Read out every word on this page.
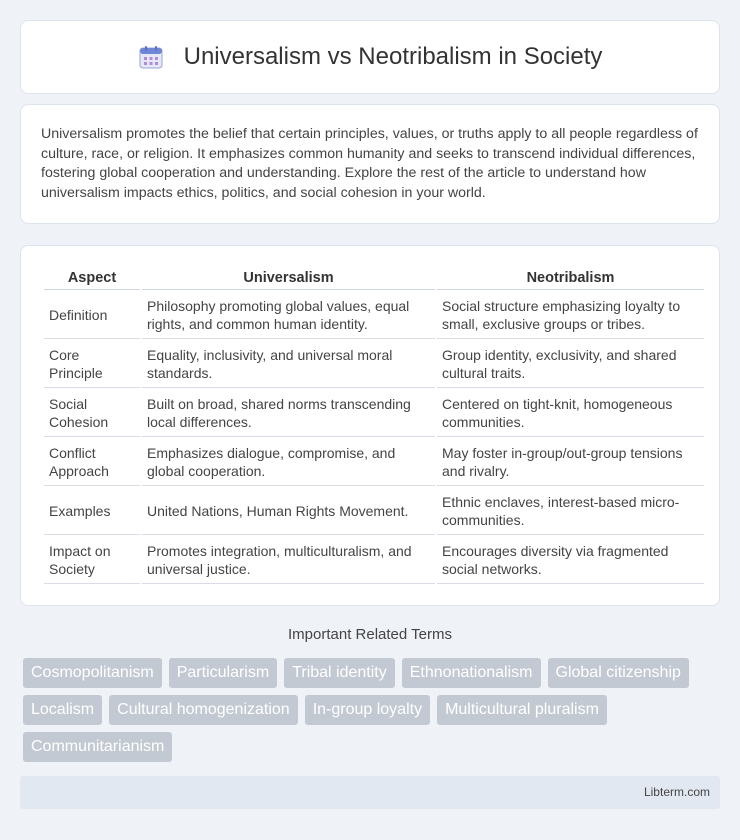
Universalism vs Neotribalism in Society

Universalism promotes the belief that certain principles, values, or truths apply to all people regardless of culture, race, or religion. It emphasizes common humanity and seeks to transcend individual differences, fostering global cooperation and understanding. Explore the rest of the article to understand how universalism impacts ethics, politics, and social cohesion in your world.

Aspect	Universalism	Neotribalism
Definition	Philosophy promoting global values, equal rights, and common human identity.	Social structure emphasizing loyalty to small, exclusive groups or tribes.
Core Principle	Equality, inclusivity, and universal moral standards.	Group identity, exclusivity, and shared cultural traits.
Social Cohesion	Built on broad, shared norms transcending local differences.	Centered on tight-knit, homogeneous communities.
Conflict Approach	Emphasizes dialogue, compromise, and global cooperation.	May foster in-group/out-group tensions and rivalry.
Examples	United Nations, Human Rights Movement.	Ethnic enclaves, interest-based micro-communities.
Impact on Society	Promotes integration, multiculturalism, and universal justice.	Encourages diversity via fragmented social networks.
Important Related Terms
Cosmopolitanism	Particularism	Tribal identity	Ethnonationalism	Global citizenship
Localism	Cultural homogenization	In-group loyalty	Multicultural pluralism
Communitarianism
Libterm.com
